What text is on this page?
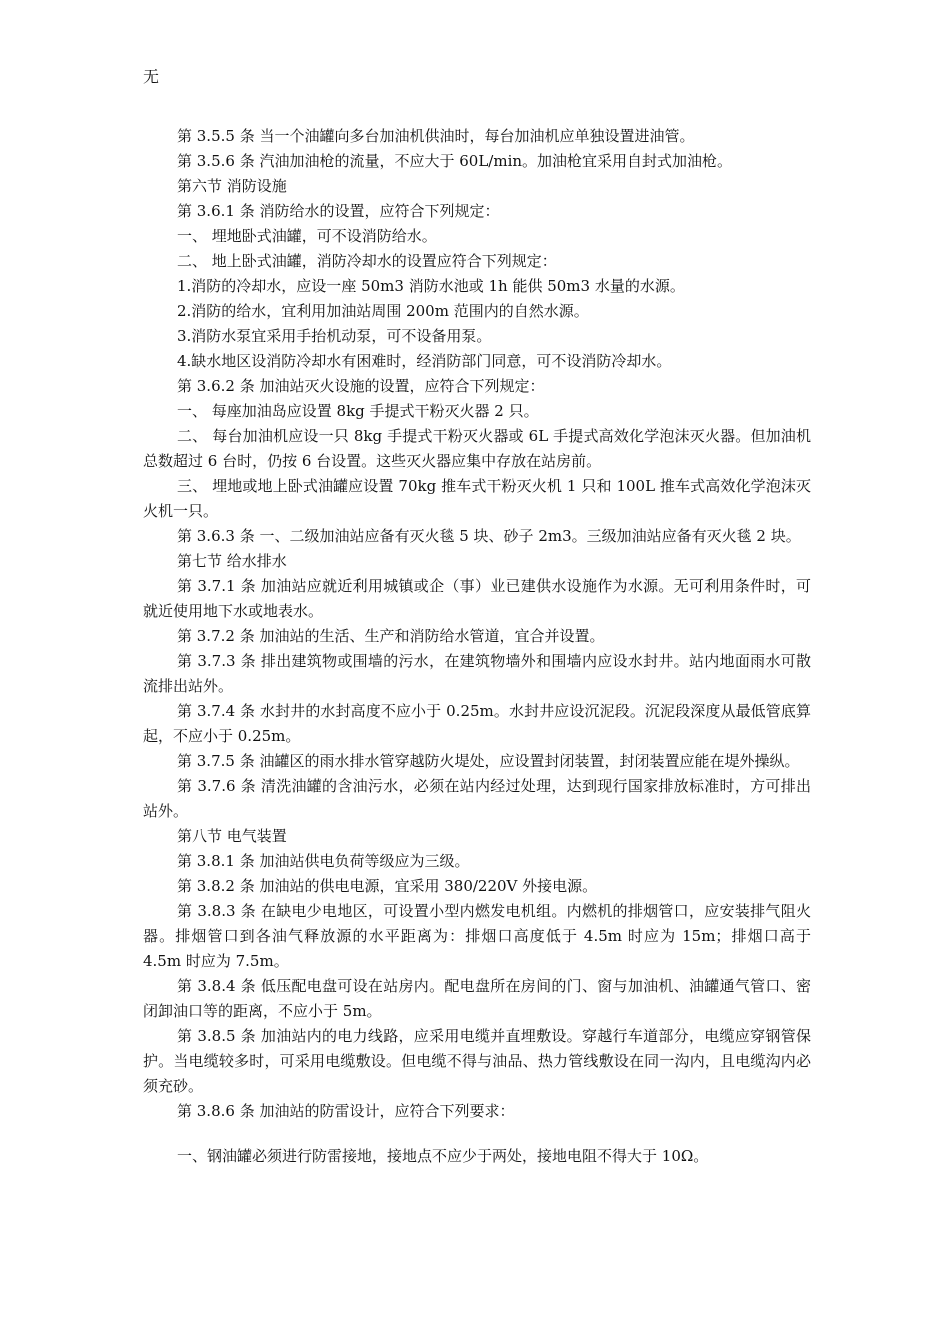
无

第 3.5.5 条 当一个油罐向多台加油机供油时，每台加油机应单独设置进油管。

第 3.5.6 条 汽油加油枪的流量，不应大于 60L/min。加油枪宜采用自封式加油枪。

第六节 消防设施

第 3.6.1 条 消防给水的设置，应符合下列规定：

一、 埋地卧式油罐，可不设消防给水。

二、 地上卧式油罐，消防冷却水的设置应符合下列规定：

1.消防的冷却水，应设一座 50m3 消防水池或 1h 能供 50m3 水量的水源。

2.消防的给水，宜利用加油站周围 200m 范围内的自然水源。

3.消防水泵宜采用手抬机动泵，可不设备用泵。

4.缺水地区设消防冷却水有困难时，经消防部门同意，可不设消防冷却水。

第 3.6.2 条 加油站灭火设施的设置，应符合下列规定：

一、 每座加油岛应设置 8kg 手提式干粉灭火器 2 只。

二、 每台加油机应设一只 8kg 手提式干粉灭火器或 6L 手提式高效化学泡沫灭火器。但加油机总数超过 6 台时，仍按 6 台设置。这些灭火器应集中存放在站房前。

三、 埋地或地上卧式油罐应设置 70kg 推车式干粉灭火机 1 只和 100L 推车式高效化学泡沫灭火机一只。

第 3.6.3 条 一、二级加油站应备有灭火毯 5 块、砂子 2m3。三级加油站应备有灭火毯 2 块。

第七节 给水排水

第 3.7.1 条 加油站应就近利用城镇或企（事）业已建供水设施作为水源。无可利用条件时，可就近使用地下水或地表水。

第 3.7.2 条 加油站的生活、生产和消防给水管道，宜合并设置。

第 3.7.3 条 排出建筑物或围墙的污水，在建筑物墙外和围墙内应设水封井。站内地面雨水可散流排出站外。

第 3.7.4 条 水封井的水封高度不应小于 0.25m。水封井应设沉泥段。沉泥段深度从最低管底算起，不应小于 0.25m。

第 3.7.5 条 油罐区的雨水排水管穿越防火堤处，应设置封闭装置，封闭装置应能在堤外操纵。

第 3.7.6 条 清洗油罐的含油污水，必须在站内经过处理，达到现行国家排放标准时，方可排出站外。

第八节 电气装置

第 3.8.1 条 加油站供电负荷等级应为三级。

第 3.8.2 条 加油站的供电电源，宜采用 380/220V 外接电源。

第 3.8.3 条 在缺电少电地区，可设置小型内燃发电机组。内燃机的排烟管口，应安装排气阻火器。排烟管口到各油气释放源的水平距离为：排烟口高度低于 4.5m 时应为 15m；排烟口高于 4.5m 时应为 7.5m。

第 3.8.4 条 低压配电盘可设在站房内。配电盘所在房间的门、窗与加油机、油罐通气管口、密闭卸油口等的距离，不应小于 5m。

第 3.8.5 条 加油站内的电力线路，应采用电缆并直埋敷设。穿越行车道部分，电缆应穿钢管保护。当电缆较多时，可采用电缆敷设。但电缆不得与油品、热力管线敷设在同一沟内，且电缆沟内必须充砂。

第 3.8.6 条 加油站的防雷设计，应符合下列要求：

一、钢油罐必须进行防雷接地，接地点不应少于两处，接地电阻不得大于 10Ω。
